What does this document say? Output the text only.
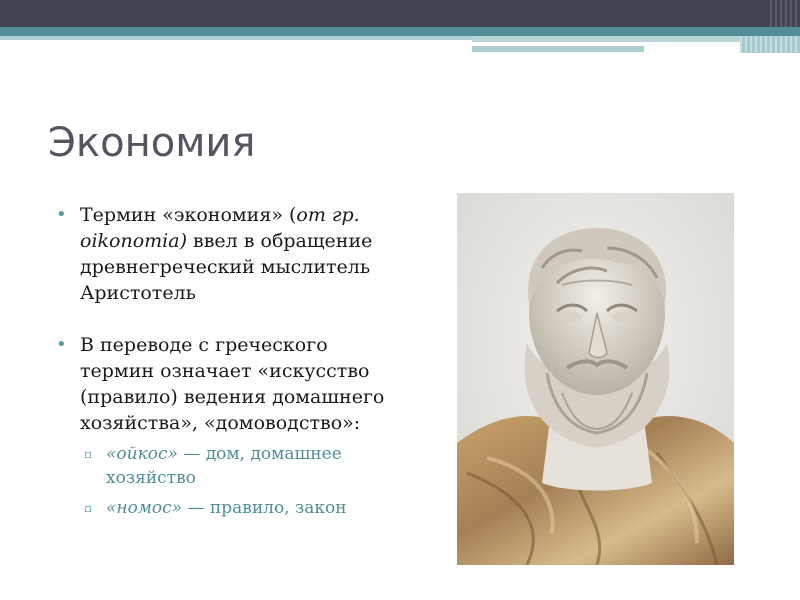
Экономия
• Термин «экономия» (от гр. oikonomia) ввел в обращение древнегреческий мыслитель Аристотель
• В переводе с греческого термин означает «искусство (правило) ведения домашнего хозяйства», «домоводство»:
▫ «ойкос» — дом, домашнее хозяйство
▫ «номос» — правило, закон
